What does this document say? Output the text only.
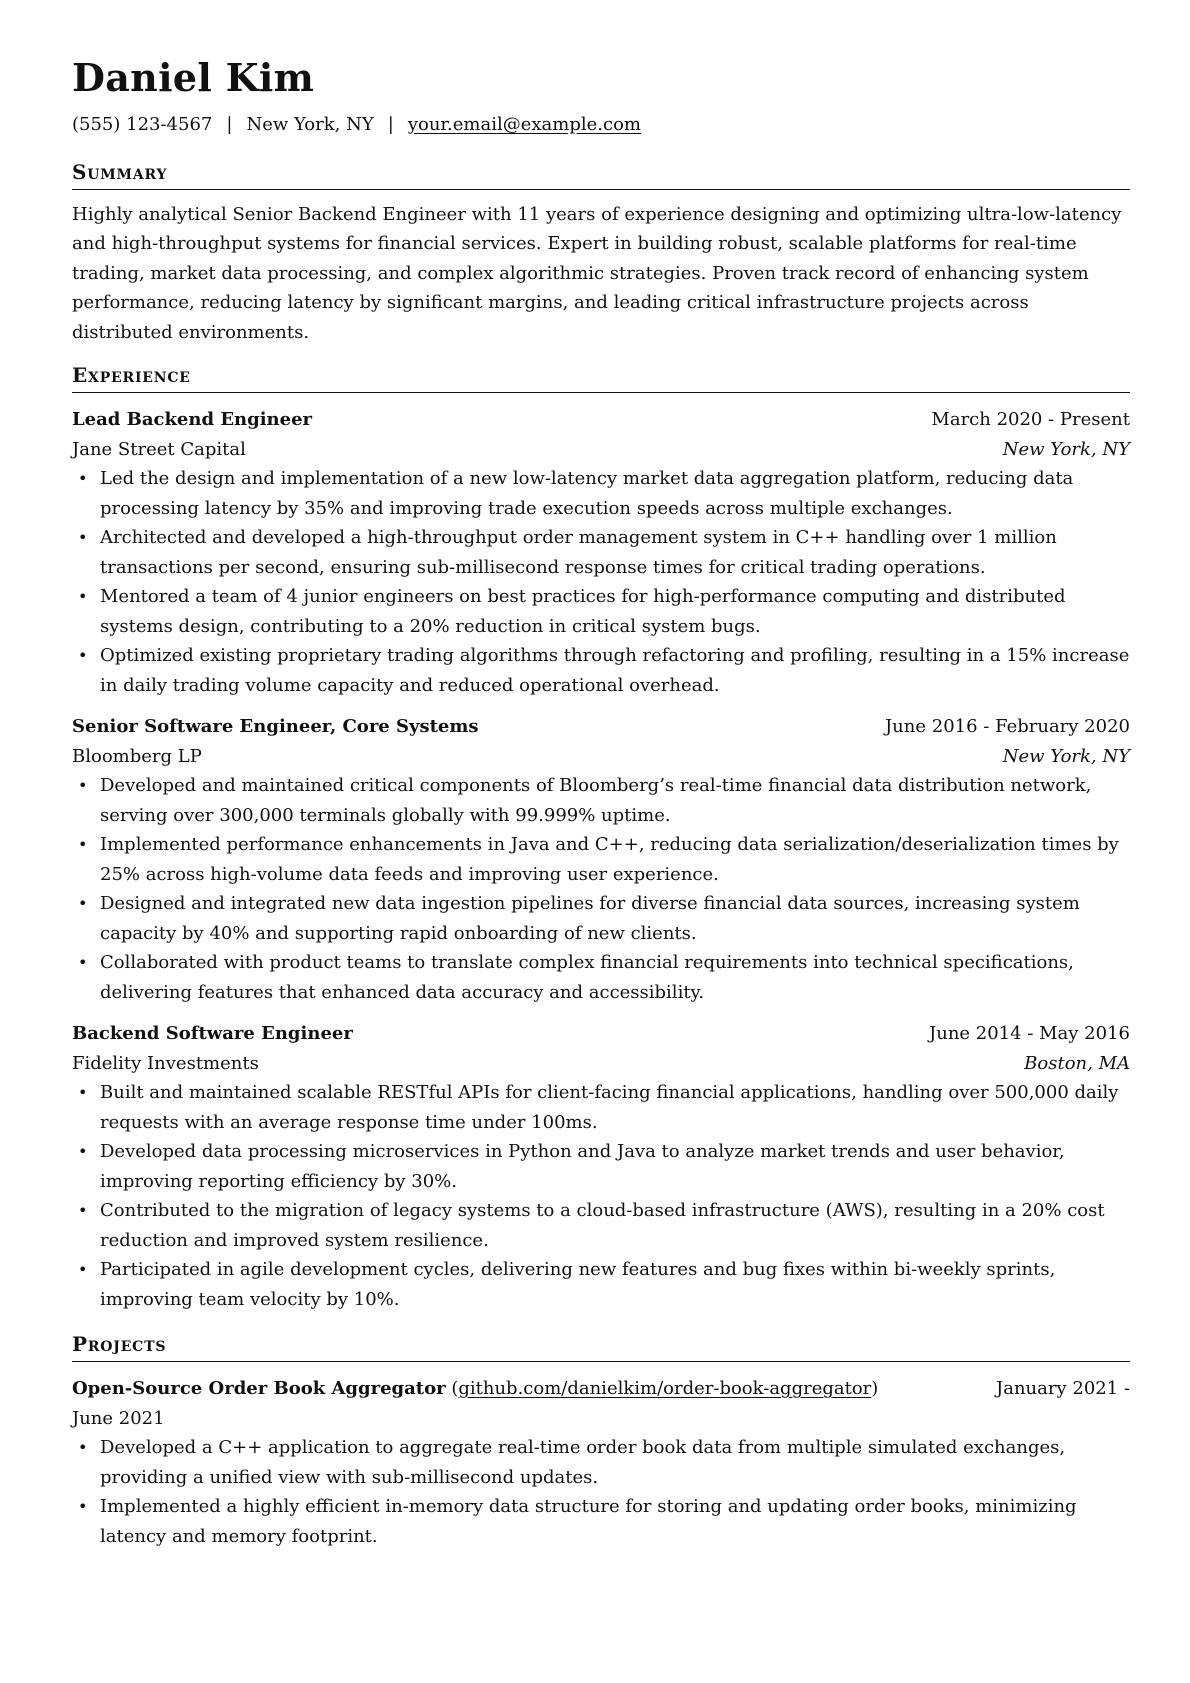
Daniel Kim
(555) 123-4567 | New York, NY | your.email@example.com
Summary
Highly analytical Senior Backend Engineer with 11 years of experience designing and optimizing ultra-low-latency and high-throughput systems for financial services. Expert in building robust, scalable platforms for real-time trading, market data processing, and complex algorithmic strategies. Proven track record of enhancing system performance, reducing latency by significant margins, and leading critical infrastructure projects across distributed environments.
Experience
Lead Backend Engineer	March 2020 - Present
Jane Street Capital	New York, NY
• Led the design and implementation of a new low-latency market data aggregation platform, reducing data processing latency by 35% and improving trade execution speeds across multiple exchanges.
• Architected and developed a high-throughput order management system in C++ handling over 1 million transactions per second, ensuring sub-millisecond response times for critical trading operations.
• Mentored a team of 4 junior engineers on best practices for high-performance computing and distributed systems design, contributing to a 20% reduction in critical system bugs.
• Optimized existing proprietary trading algorithms through refactoring and profiling, resulting in a 15% increase in daily trading volume capacity and reduced operational overhead.
Senior Software Engineer, Core Systems	June 2016 - February 2020
Bloomberg LP	New York, NY
• Developed and maintained critical components of Bloomberg’s real-time financial data distribution network, serving over 300,000 terminals globally with 99.999% uptime.
• Implemented performance enhancements in Java and C++, reducing data serialization/deserialization times by 25% across high-volume data feeds and improving user experience.
• Designed and integrated new data ingestion pipelines for diverse financial data sources, increasing system capacity by 40% and supporting rapid onboarding of new clients.
• Collaborated with product teams to translate complex financial requirements into technical specifications, delivering features that enhanced data accuracy and accessibility.
Backend Software Engineer	June 2014 - May 2016
Fidelity Investments	Boston, MA
• Built and maintained scalable RESTful APIs for client-facing financial applications, handling over 500,000 daily requests with an average response time under 100ms.
• Developed data processing microservices in Python and Java to analyze market trends and user behavior, improving reporting efficiency by 30%.
• Contributed to the migration of legacy systems to a cloud-based infrastructure (AWS), resulting in a 20% cost reduction and improved system resilience.
• Participated in agile development cycles, delivering new features and bug fixes within bi-weekly sprints, improving team velocity by 10%.
Projects
Open-Source Order Book Aggregator (github.com/danielkim/order-book-aggregator)	January 2021 -
June 2021
• Developed a C++ application to aggregate real-time order book data from multiple simulated exchanges, providing a unified view with sub-millisecond updates.
• Implemented a highly efficient in-memory data structure for storing and updating order books, minimizing latency and memory footprint.
